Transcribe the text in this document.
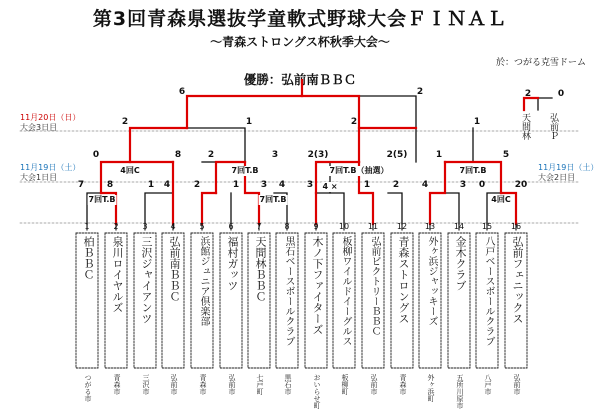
第3回青森県選抜学童軟式野球大会ＦＩＮＡＬ
～青森ストロングス杯秋季大会～
於：つがる克雪ドーム
優勝：弘前南ＢＢＣ
11月20日（日）
大会3日目
11月19日（土）
大会1日目
11月19日（土）
大会2日目
7	8	1 4	2	1 3 4 3	1	2	4	3 0	20
0	8	2	3	2(3)	2(5)	1	5
2	1	2	1
6	2	2	0
7回T.B	7回T.B
4 ×
4回C
4回C	7回T.B	7回T.B（抽選）	7回T.B
天間林 弘前Ｐ
1
柏ＢＢＣ
つがる市
2
泉川ロイヤルズ
青森市
3
三沢ジャイアンツ
三沢市
4
弘前南ＢＢＣ
弘前市
5
浜館ジュニア倶楽部
青森市
6
福村ガッツ
弘前市
7
天間林ＢＢＣ
七戸町
8
黒石ベースボールクラブ
黒石市
9
木ノ下ファイターズ
おいらせ町
10
板柳ワイルドイーグルス
板柳町
11
弘前ビクトリーＢＢＣ
弘前市
12
青森ストロングス
青森市
13
外ヶ浜ジャッキーズ
外ヶ浜町
14
金木クラブ
五所川原市
15
八戸ベースボールクラブ
八戸市
16
弘前フェニックス
弘前市
